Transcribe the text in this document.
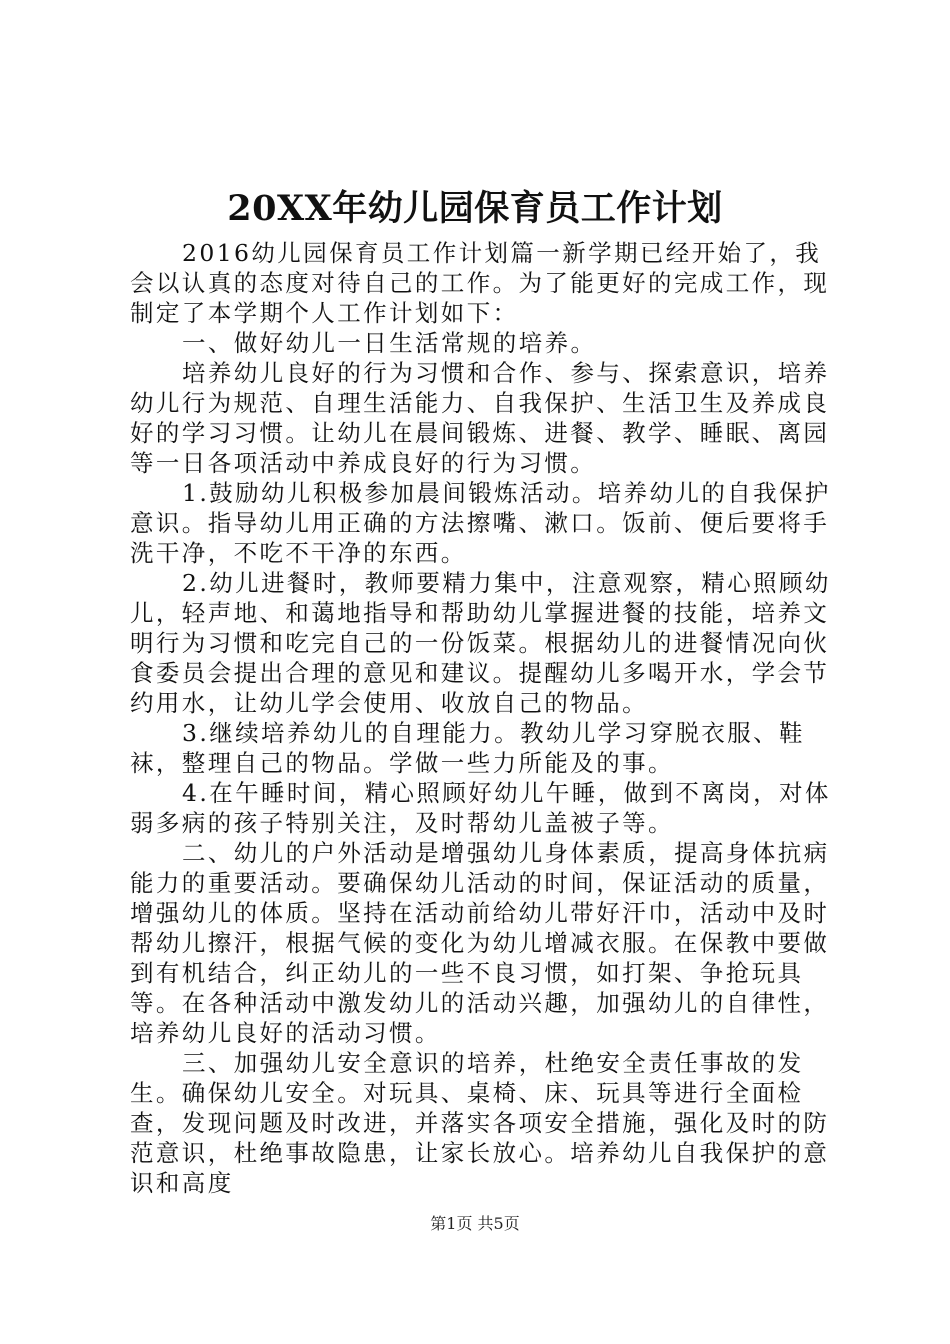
20XX年幼儿园保育员工作计划

2016幼儿园保育员工作计划篇一新学期已经开始了，我会以认真的态度对待自己的工作。为了能更好的完成工作，现制定了本学期个人工作计划如下：

一、做好幼儿一日生活常规的培养。

培养幼儿良好的行为习惯和合作、参与、探索意识，培养幼儿行为规范、自理生活能力、自我保护、生活卫生及养成良好的学习习惯。让幼儿在晨间锻炼、进餐、教学、睡眠、离园等一日各项活动中养成良好的行为习惯。

1.鼓励幼儿积极参加晨间锻炼活动。培养幼儿的自我保护意识。指导幼儿用正确的方法擦嘴、漱口。饭前、便后要将手洗干净，不吃不干净的东西。

2.幼儿进餐时，教师要精力集中，注意观察，精心照顾幼儿，轻声地、和蔼地指导和帮助幼儿掌握进餐的技能，培养文明行为习惯和吃完自己的一份饭菜。根据幼儿的进餐情况向伙食委员会提出合理的意见和建议。提醒幼儿多喝开水，学会节约用水，让幼儿学会使用、收放自己的物品。

3.继续培养幼儿的自理能力。教幼儿学习穿脱衣服、鞋袜，整理自己的物品。学做一些力所能及的事。

4.在午睡时间，精心照顾好幼儿午睡，做到不离岗，对体弱多病的孩子特别关注，及时帮幼儿盖被子等。

二、幼儿的户外活动是增强幼儿身体素质，提高身体抗病能力的重要活动。要确保幼儿活动的时间，保证活动的质量，增强幼儿的体质。坚持在活动前给幼儿带好汗巾，活动中及时帮幼儿擦汗，根据气候的变化为幼儿增减衣服。在保教中要做到有机结合，纠正幼儿的一些不良习惯，如打架、争抢玩具等。在各种活动中激发幼儿的活动兴趣，加强幼儿的自律性，培养幼儿良好的活动习惯。

三、加强幼儿安全意识的培养，杜绝安全责任事故的发生。确保幼儿安全。对玩具、桌椅、床、玩具等进行全面检查，发现问题及时改进，并落实各项安全措施，强化及时的防范意识，杜绝事故隐患，让家长放心。培养幼儿自我保护的意识和高度

第1页 共5页
